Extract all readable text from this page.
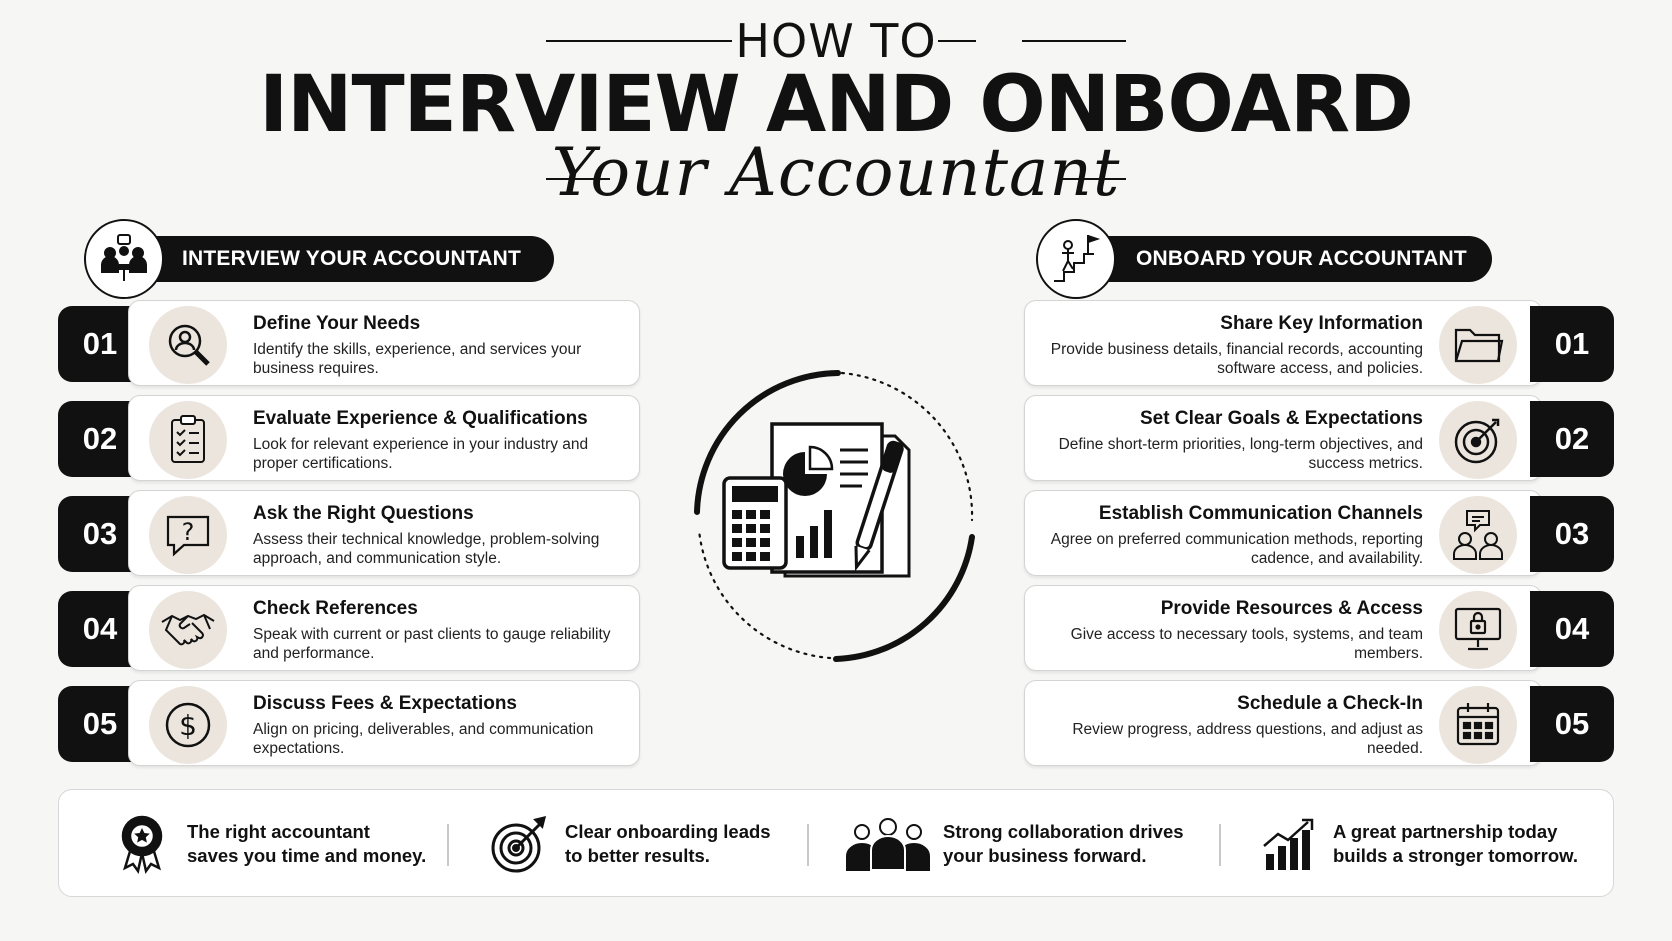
HOW TO
INTERVIEW AND ONBOARD
Your Accountant
INTERVIEW YOUR ACCOUNTANT	ONBOARD YOUR ACCOUNTANT
01
Define Your Needs
Identify the skills, experience, and services your business requires.
02
Evaluate Experience & Qualifications
Look for relevant experience in your industry and proper certifications.
03	?
Ask the Right Questions
Assess their technical knowledge, problem-solving approach, and communication style.
04
Check References
Speak with current or past clients to gauge reliability and performance.
05	$
Discuss Fees & Expectations
Align on pricing, deliverables, and communication expectations.
Share Key Information
Provide business details, financial records, accounting software access, and policies.
01
Set Clear Goals & Expectations
Define short-term priorities, long-term objectives, and success metrics.
02
Establish Communication Channels
Agree on preferred communication methods, reporting cadence, and availability.
03
Provide Resources & Access
Give access to necessary tools, systems, and team members.
04
Schedule a Check-In
Review progress, address questions, and adjust as needed.
05
The right accountant
saves you time and money.
Clear onboarding leads
to better results.
Strong collaboration drives
your business forward.
A great partnership today
builds a stronger tomorrow.
